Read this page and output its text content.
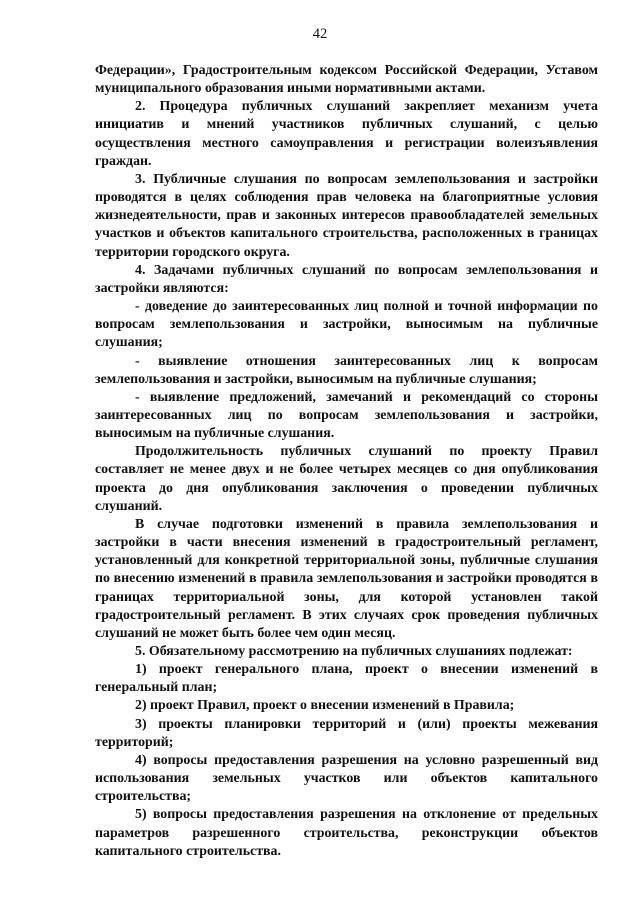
42

Федерации», Градостроительным кодексом Российской Федерации, Уставом муниципального образования иными нормативными актами.

2. Процедура публичных слушаний закрепляет механизм учета инициатив и мнений участников публичных слушаний, с целью осуществления местного самоуправления и регистрации волеизъявления граждан.

3. Публичные слушания по вопросам землепользования и застройки проводятся в целях соблюдения прав человека на благоприятные условия жизнедеятельности, прав и законных интересов правообладателей земельных участков и объектов капитального строительства, расположенных в границах территории городского округа.

4. Задачами публичных слушаний по вопросам землепользования и застройки являются:

- доведение до заинтересованных лиц полной и точной информации по вопросам землепользования и застройки, выносимым на публичные слушания;

- выявление отношения заинтересованных лиц к вопросам землепользования и застройки, выносимым на публичные слушания;

- выявление предложений, замечаний и рекомендаций со стороны заинтересованных лиц по вопросам землепользования и застройки, выносимым на публичные слушания.

Продолжительность публичных слушаний по проекту Правил составляет не менее двух и не более четырех месяцев со дня опубликования проекта до дня опубликования заключения о проведении публичных слушаний.

В случае подготовки изменений в правила землепользования и застройки в части внесения изменений в градостроительный регламент, установленный для конкретной территориальной зоны, публичные слушания по внесению изменений в правила землепользования и застройки проводятся в границах территориальной зоны, для которой установлен такой градостроительный регламент. В этих случаях срок проведения публичных слушаний не может быть более чем один месяц.

5. Обязательному рассмотрению на публичных слушаниях подлежат:

1) проект генерального плана, проект о внесении изменений в генеральный план;

2) проект Правил, проект о внесении изменений в Правила;

3) проекты планировки территорий и (или) проекты межевания территорий;

4) вопросы предоставления разрешения на условно разрешенный вид использования земельных участков или объектов капитального строительства;

5) вопросы предоставления разрешения на отклонение от предельных параметров разрешенного строительства, реконструкции объектов капитального строительства.
